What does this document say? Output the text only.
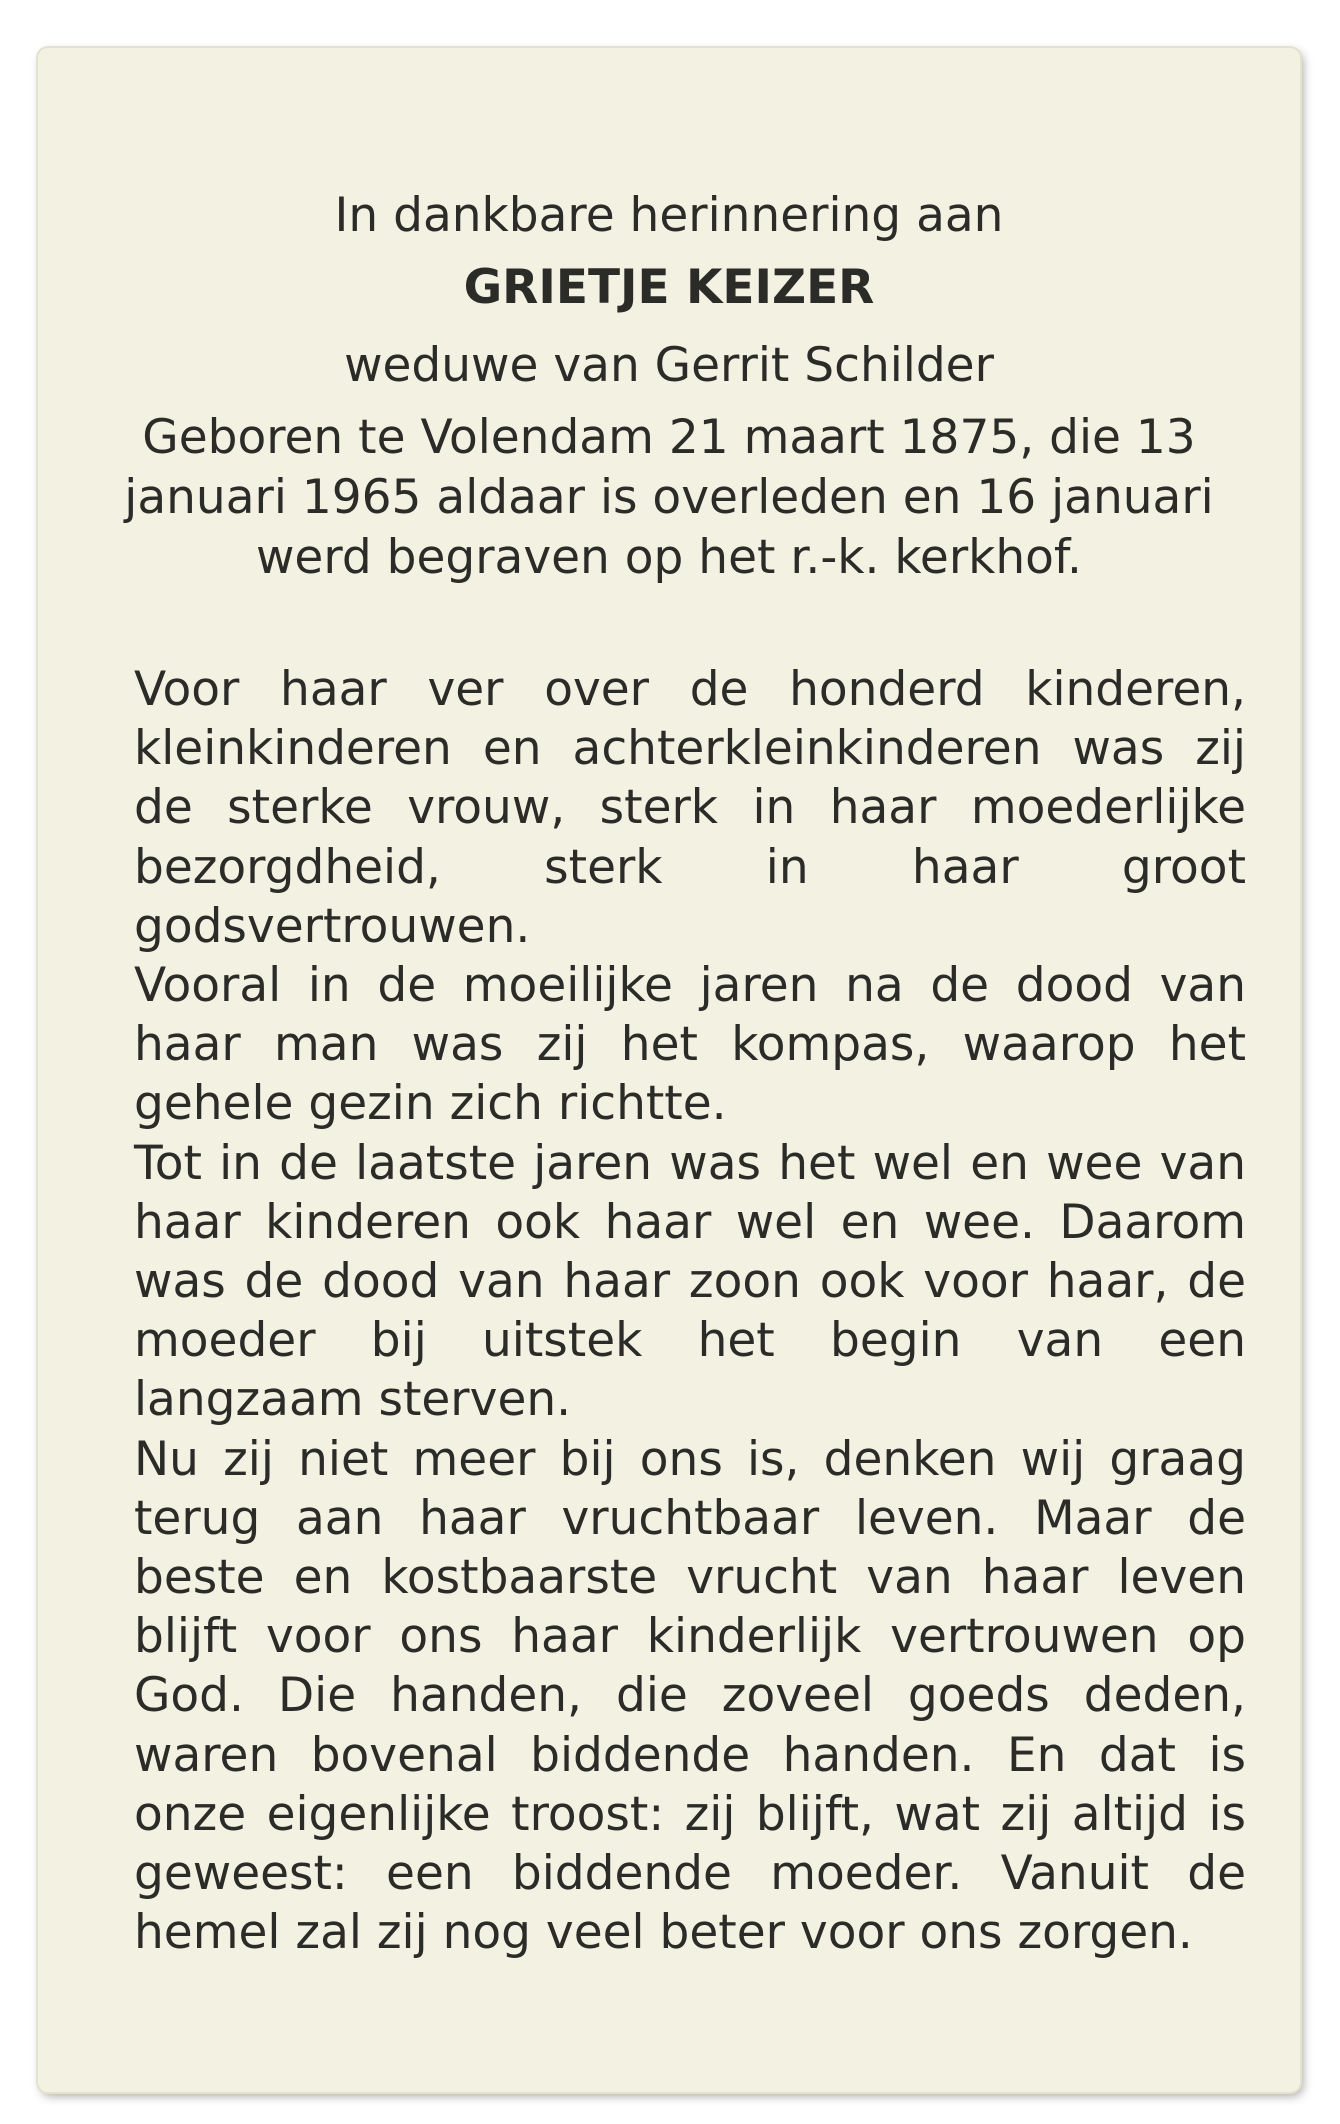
In dankbare herinnering aan
GRIETJE KEIZER
weduwe van Gerrit Schilder
Geboren te Volendam 21 maart 1875, die 13 januari 1965 aldaar is overleden en 16 januari werd begraven op het r.-k. kerkhof.

Voor haar ver over de honderd kinderen, kleinkinderen en achterkleinkinderen was zij de sterke vrouw, sterk in haar moederlijke bezorgdheid, sterk in haar groot godsvertrouwen.

Vooral in de moeilijke jaren na de dood van haar man was zij het kompas, waarop het gehele gezin zich richtte.

Tot in de laatste jaren was het wel en wee van haar kinderen ook haar wel en wee. Daarom was de dood van haar zoon ook voor haar, de moeder bij uitstek het begin van een langzaam sterven.

Nu zij niet meer bij ons is, denken wij graag terug aan haar vruchtbaar leven. Maar de beste en kostbaarste vrucht van haar leven blijft voor ons haar kinderlijk vertrouwen op God. Die handen, die zoveel goeds deden, waren bovenal biddende handen. En dat is onze eigenlijke troost: zij blijft, wat zij altijd is geweest: een biddende moeder. Vanuit de hemel zal zij nog veel beter voor ons zorgen.
